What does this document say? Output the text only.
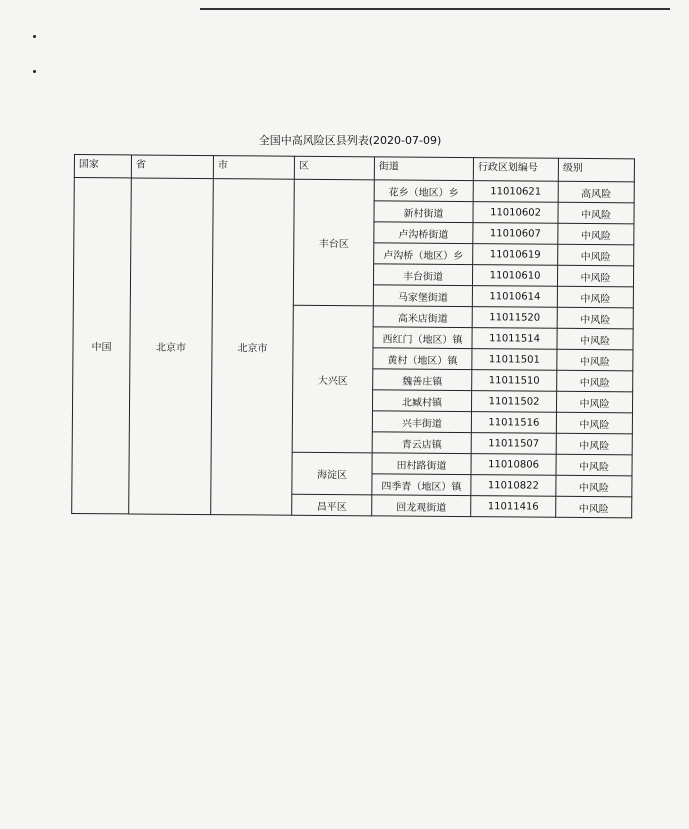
全国中高风险区县列表(2020-07-09)
国家	省	市	区	街道	行政区划编号	级别
中国	北京市	北京市	丰台区	花乡（地区）乡	11010621	高风险
				新村街道	11010602	中风险
				卢沟桥街道	11010607	中风险
				卢沟桥（地区）乡	11010619	中风险
				丰台街道	11010610	中风险
				马家堡街道	11010614	中风险
			大兴区	高米店街道	11011520	中风险
				西红门（地区）镇	11011514	中风险
				黄村（地区）镇	11011501	中风险
				魏善庄镇	11011510	中风险
				北臧村镇	11011502	中风险
				兴丰街道	11011516	中风险
				青云店镇	11011507	中风险
			海淀区	田村路街道	11010806	中风险
				四季青（地区）镇	11010822	中风险
			昌平区	回龙观街道	11011416	中风险
